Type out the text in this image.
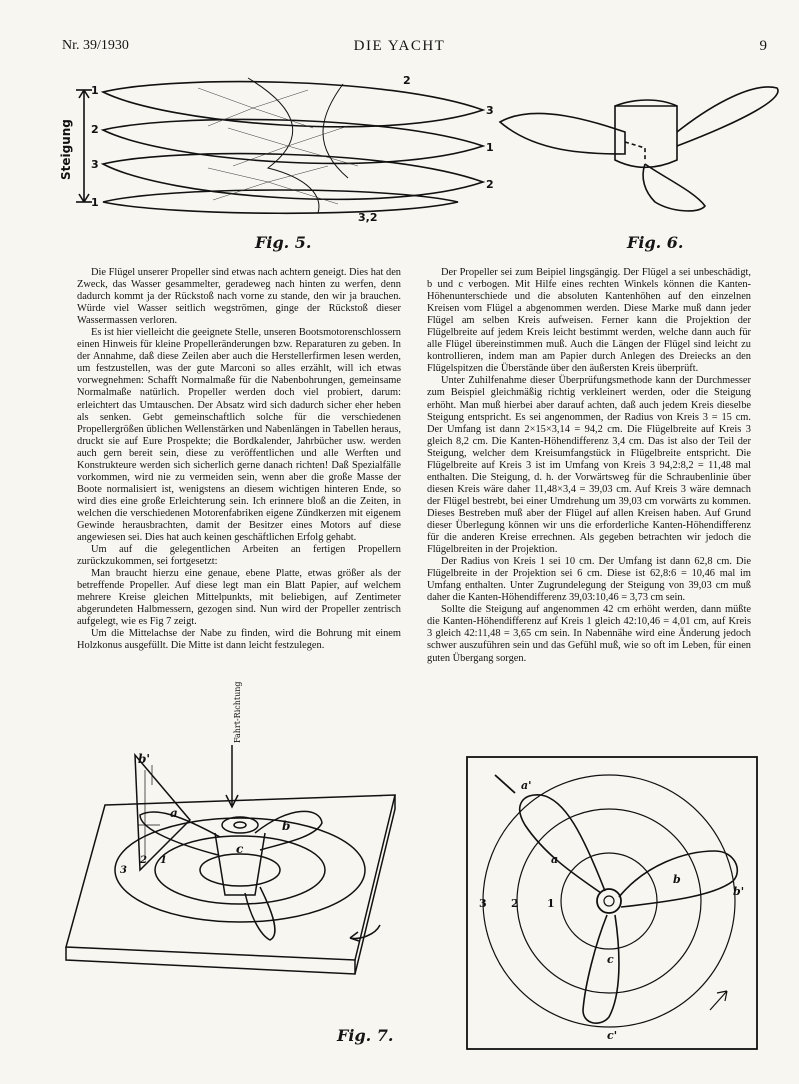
Nr. 39/1930	DIE YACHT	9
1
2
3
1
2
3
1
2
3,2
Steigung
Fig. 5.	Fig. 6.

Die Flügel unserer Propeller sind etwas nach achtern geneigt. Dies hat den Zweck, das Wasser gesammelter, geradeweg nach hinten zu werfen, denn dadurch kommt ja der Rückstoß nach vorne zu stande, den wir ja brauchen. Würde viel Wasser seitlich wegströmen, ginge der Rückstoß dieser Wassermassen verloren.

Es ist hier vielleicht die geeignete Stelle, unseren Bootsmotorenschlossern einen Hinweis für kleine Propelleränderungen bzw. Reparaturen zu geben. In der Annahme, daß diese Zeilen aber auch die Herstellerfirmen lesen werden, um festzustellen, was der gute Marconi so alles erzählt, will ich etwas vorwegnehmen: Schafft Normalmaße für die Nabenbohrungen, gemeinsame Normalmaße natürlich. Propeller werden doch viel probiert, darum: erleichtert das Umtauschen. Der Absatz wird sich dadurch sicher eher heben als senken. Gebt gemeinschaftlich solche für die verschiedenen Propellergrößen üblichen Wellenstärken und Nabenlängen in Tabellen heraus, druckt sie auf Eure Prospekte; die Bordkalender, Jahrbücher usw. werden auch gern bereit sein, diese zu veröffentlichen und alle Werften und Konstrukteure werden sich sicherlich gerne danach richten! Daß Spezialfälle vorkommen, wird nie zu vermeiden sein, wenn aber die große Masse der Boote normalisiert ist, wenigstens an diesem wichtigen hinteren Ende, so wird dies eine große Erleichterung sein. Ich erinnere bloß an die Zeiten, in welchen die verschiedenen Motorenfabriken eigene Zündkerzen mit eigenem Gewinde herausbrachten, damit der Besitzer eines Motors auf diese angewiesen sei. Dies hat auch keinen geschäftlichen Erfolg gehabt.

Um auf die gelegentlichen Arbeiten an fertigen Propellern zurückzukommen, sei fortgesetzt:

Man braucht hierzu eine genaue, ebene Platte, etwas größer als der betreffende Propeller. Auf diese legt man ein Blatt Papier, auf welchem mehrere Kreise gleichen Mittelpunkts, mit beliebigen, auf Zentimeter abgerundeten Halbmessern, gezogen sind. Nun wird der Propeller zentrisch aufgelegt, wie es Fig 7 zeigt.

Um die Mittelachse der Nabe zu finden, wird die Bohrung mit einem Holzkonus ausgefüllt. Die Mitte ist dann leicht festzulegen.

Der Propeller sei zum Beipiel lingsgängig. Der Flügel a sei unbeschädigt, b und c verbogen. Mit Hilfe eines rechten Winkels können die Kanten-Höhenunterschiede und die absoluten Kantenhöhen auf den einzelnen Kreisen vom Flügel a abgenommen werden. Diese Marke muß dann jeder Flügel am selben Kreis aufweisen. Ferner kann die Projektion der Flügelbreite auf jedem Kreis leicht bestimmt werden, welche dann auch für alle Flügel übereinstimmen muß. Auch die Längen der Flügel sind leicht zu kontrollieren, indem man am Papier durch Anlegen des Dreiecks an den Flügelspitzen die Überstände über den äußersten Kreis überprüft.

Unter Zuhilfenahme dieser Überprüfungsmethode kann der Durchmesser zum Beispiel gleichmäßig richtig verkleinert werden, oder die Steigung erhöht. Man muß hierbei aber darauf achten, daß auch jedem Kreis dieselbe Steigung entspricht. Es sei angenommen, der Radius von Kreis 3 = 15 cm. Der Umfang ist dann 2×15×3,14 = 94,2 cm. Die Flügelbreite auf Kreis 3 gleich 8,2 cm. Die Kanten-Höhendifferenz 3,4 cm. Das ist also der Teil der Steigung, welcher dem Kreisumfangstück in Flügelbreite entspricht. Die Flügelbreite auf Kreis 3 ist im Umfang von Kreis 3 94,2:8,2 = 11,48 mal enthalten. Die Steigung, d. h. der Vorwärtsweg für die Schraubenlinie über diesen Kreis wäre daher 11,48×3,4 = 39,03 cm. Auf Kreis 3 wäre demnach der Flügel bestrebt, bei einer Umdrehung um 39,03 cm vorwärts zu kommen. Dieses Bestreben muß aber der Flügel auf allen Kreisen haben. Auf Grund dieser Überlegung können wir uns die erforderliche Kanten-Höhendifferenz für die anderen Kreise errechnen. Als gegeben betrachten wir jedoch die Flügelbreiten in der Projektion.

Der Radius von Kreis 1 sei 10 cm. Der Umfang ist dann 62,8 cm. Die Flügelbreite in der Projektion sei 6 cm. Diese ist 62,8:6 = 10,46 mal im Umfang enthalten. Unter Zugrundelegung der Steigung von 39,03 cm muß daher die Kanten-Höhendifferenz 39,03:10,46 = 3,73 cm sein.

Sollte die Steigung auf angenommen 42 cm erhöht werden, dann müßte die Kanten-Höhendifferenz auf Kreis 1 gleich 42:10,46 = 4,01 cm, auf Kreis 3 gleich 42:11,48 = 3,65 cm sein. In Nabennähe wird eine Änderung jedoch schwer auszuführen sein und das Gefühl muß, wie so oft im Leben, für einen guten Übergang sorgen.

b'
b
a
c
1
2
3
Fahrt-Richtung
Fig. 7.
3 2	1
a
a'
b
b'
c
c'
